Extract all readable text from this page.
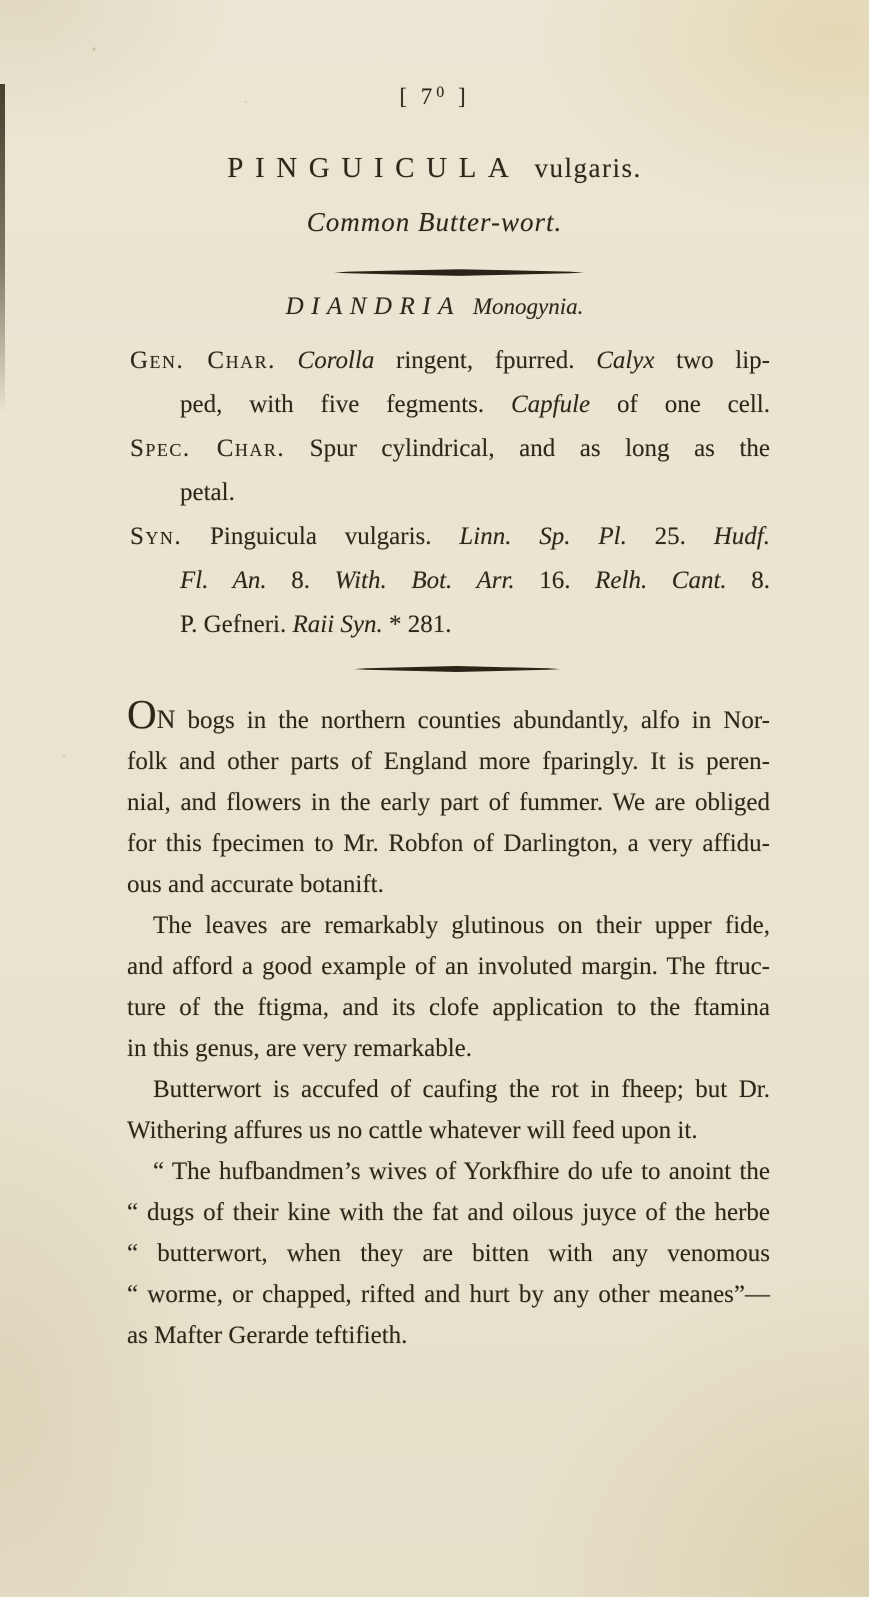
[ $7^0$ ]
PINGUICULA vulgaris.
Common Butter-wort.
DIANDRIA Monogynia.
Gen. Char. Corolla ringent, fpurred. Calyx two lip-
ped, with five fegments. Capfule of one cell.
Spec. Char. Spur cylindrical, and as long as the
petal.
Syn. Pinguicula vulgaris. Linn. Sp. Pl. 25. Hudf.
Fl. An. 8. With. Bot. Arr. 16. Relh. Cant. 8.
P. Gefneri. Raii Syn. * 281.
ON bogs in the northern counties abundantly, alfo in Nor-
folk and other parts of England more fparingly. It is peren-
nial, and flowers in the early part of fummer. We are obliged
for this fpecimen to Mr. Robfon of Darlington, a very affidu-
ous and accurate botanift.
The leaves are remarkably glutinous on their upper fide,
and afford a good example of an involuted margin. The ftruc-
ture of the ftigma, and its clofe application to the ftamina
in this genus, are very remarkable.
Butterwort is accufed of caufing the rot in fheep; but Dr.
Withering affures us no cattle whatever will feed upon it.
“ The hufbandmen’s wives of Yorkfhire do ufe to anoint the
“ dugs of their kine with the fat and oilous juyce of the herbe
“ butterwort, when they are bitten with any venomous
“ worme, or chapped, rifted and hurt by any other meanes”—
as Mafter Gerarde teftifieth.
